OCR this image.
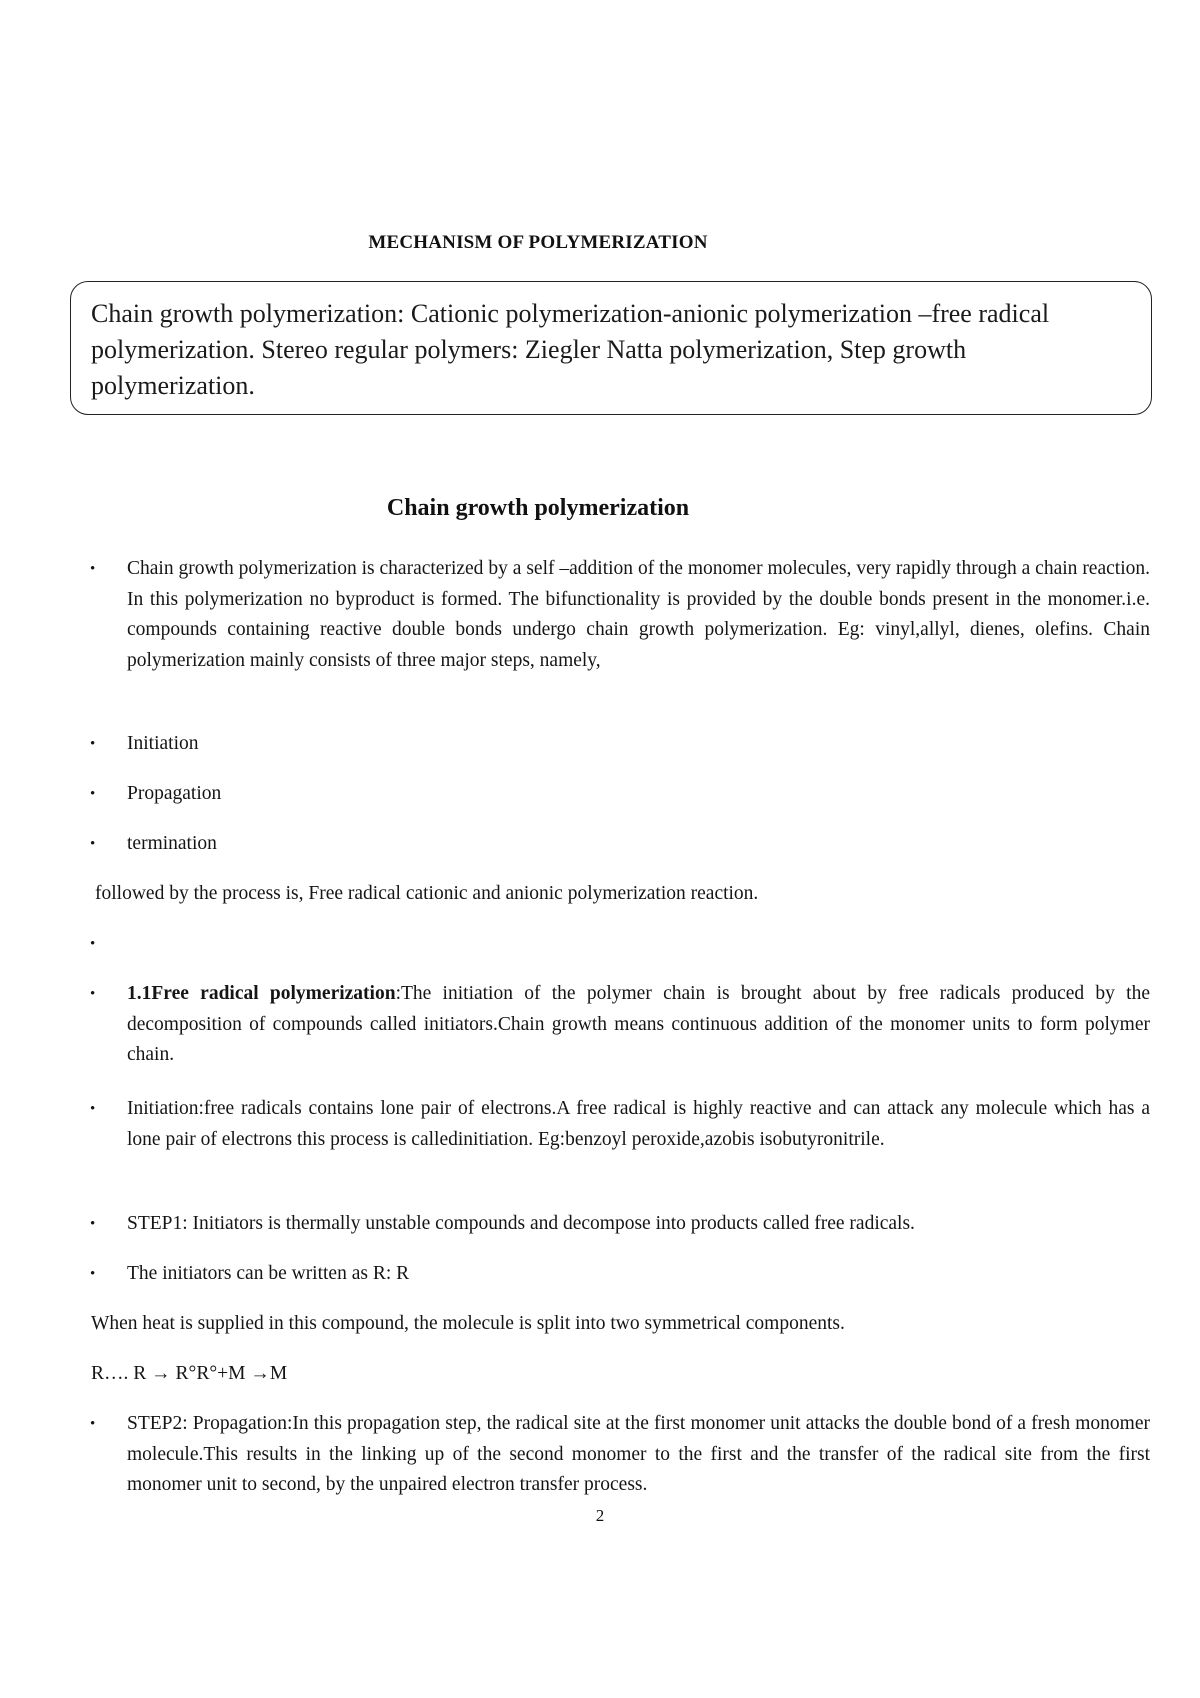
MECHANISM OF POLYMERIZATION
Chain growth polymerization: Cationic polymerization-anionic polymerization –free radical polymerization. Stereo regular polymers: Ziegler Natta polymerization, Step growth polymerization.
Chain growth polymerization
• Chain growth polymerization is characterized by a self –addition of the monomer molecules, very rapidly through a chain reaction. In this polymerization no byproduct is formed. The bifunctionality is provided by the double bonds present in the monomer.i.e. compounds containing reactive double bonds undergo chain growth polymerization. Eg: vinyl,allyl, dienes, olefins. Chain polymerization mainly consists of three major steps, namely,
• Initiation
• Propagation
• termination
followed by the process is, Free radical cationic and anionic polymerization reaction.
•
• 1.1Free radical polymerization:The initiation of the polymer chain is brought about by free radicals produced by the decomposition of compounds called initiators.Chain growth means continuous addition of the monomer units to form polymer chain.
• Initiation:free radicals contains lone pair of electrons.A free radical is highly reactive and can attack any molecule which has a lone pair of electrons this process is calledinitiation. Eg:benzoyl peroxide,azobis isobutyronitrile.
• STEP1: Initiators is thermally unstable compounds and decompose into products called free radicals.
• The initiators can be written as R: R
When heat is supplied in this compound, the molecule is split into two symmetrical components.
R…. R → R°R°+M →M
• STEP2: Propagation:In this propagation step, the radical site at the first monomer unit attacks the double bond of a fresh monomer molecule.This results in the linking up of the second monomer to the first and the transfer of the radical site from the first monomer unit to second, by the unpaired electron transfer process.
2
